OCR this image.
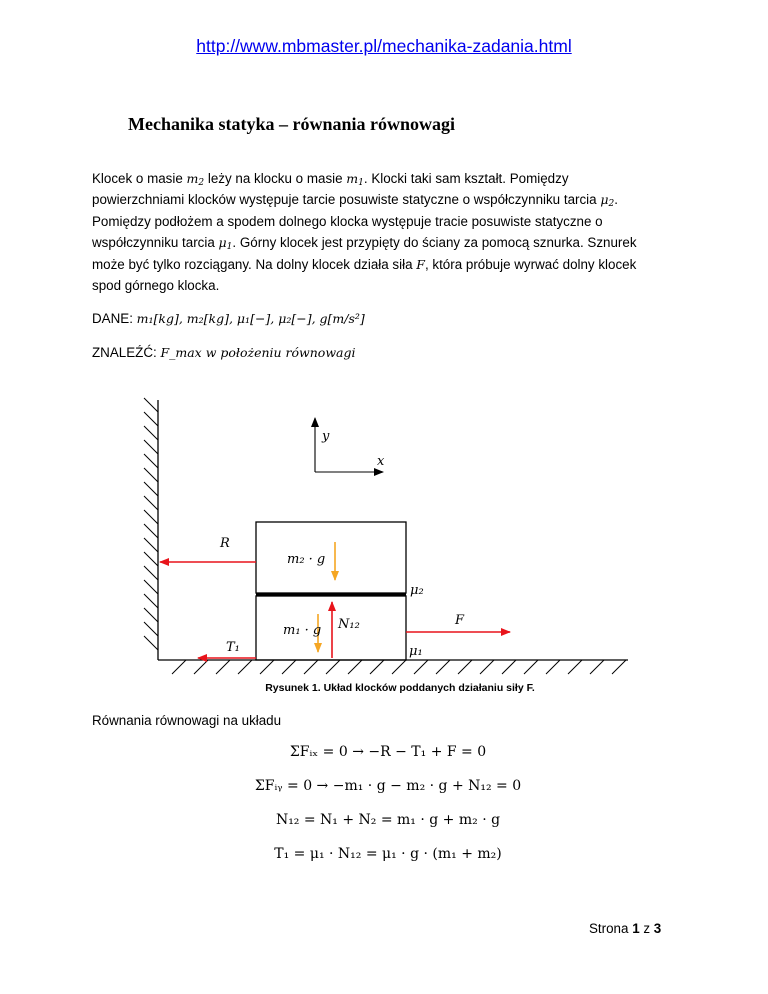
http://www.mbmaster.pl/mechanika-zadania.html
Mechanika statyka – równania równowagi
Klocek o masie $m_2$ leży na klocku o masie $m_1$. Klocki taki sam kształt. Pomiędzy
powierzchniami klocków występuje tarcie posuwiste statyczne o współczynniku tarcia $\mu_2$.
Pomiędzy podłożem a spodem dolnego klocka występuje tracie posuwiste statyczne o
współczynniku tarcia $\mu_1$. Górny klocek jest przypięty do ściany za pomocą sznurka. Sznurek
może być tylko rozciągany. Na dolny klocek działa siła F, która próbuje wyrwać dolny klocek
spod górnego klocka.
DANE: m₁[kg], m₂[kg], μ₁[−], μ₂[−], g[m/s²]
ZNALEŹĆ: F_max w położeniu równowagi
y
x
R
m₂ · g
μ₂
m₁ · g N₁₂	F
T₁	μ₁
Rysunek 1. Układ klocków poddanych działaniu siły F.
Równania równowagi na układu
ΣFᵢₓ = 0 → −R − T₁ + F = 0
ΣFᵢᵧ = 0 → −m₁ · g − m₂ · g + N₁₂ = 0
N₁₂ = N₁ + N₂ = m₁ · g + m₂ · g
T₁ = μ₁ · N₁₂ = μ₁ · g · (m₁ + m₂)
Strona 1 z 3
